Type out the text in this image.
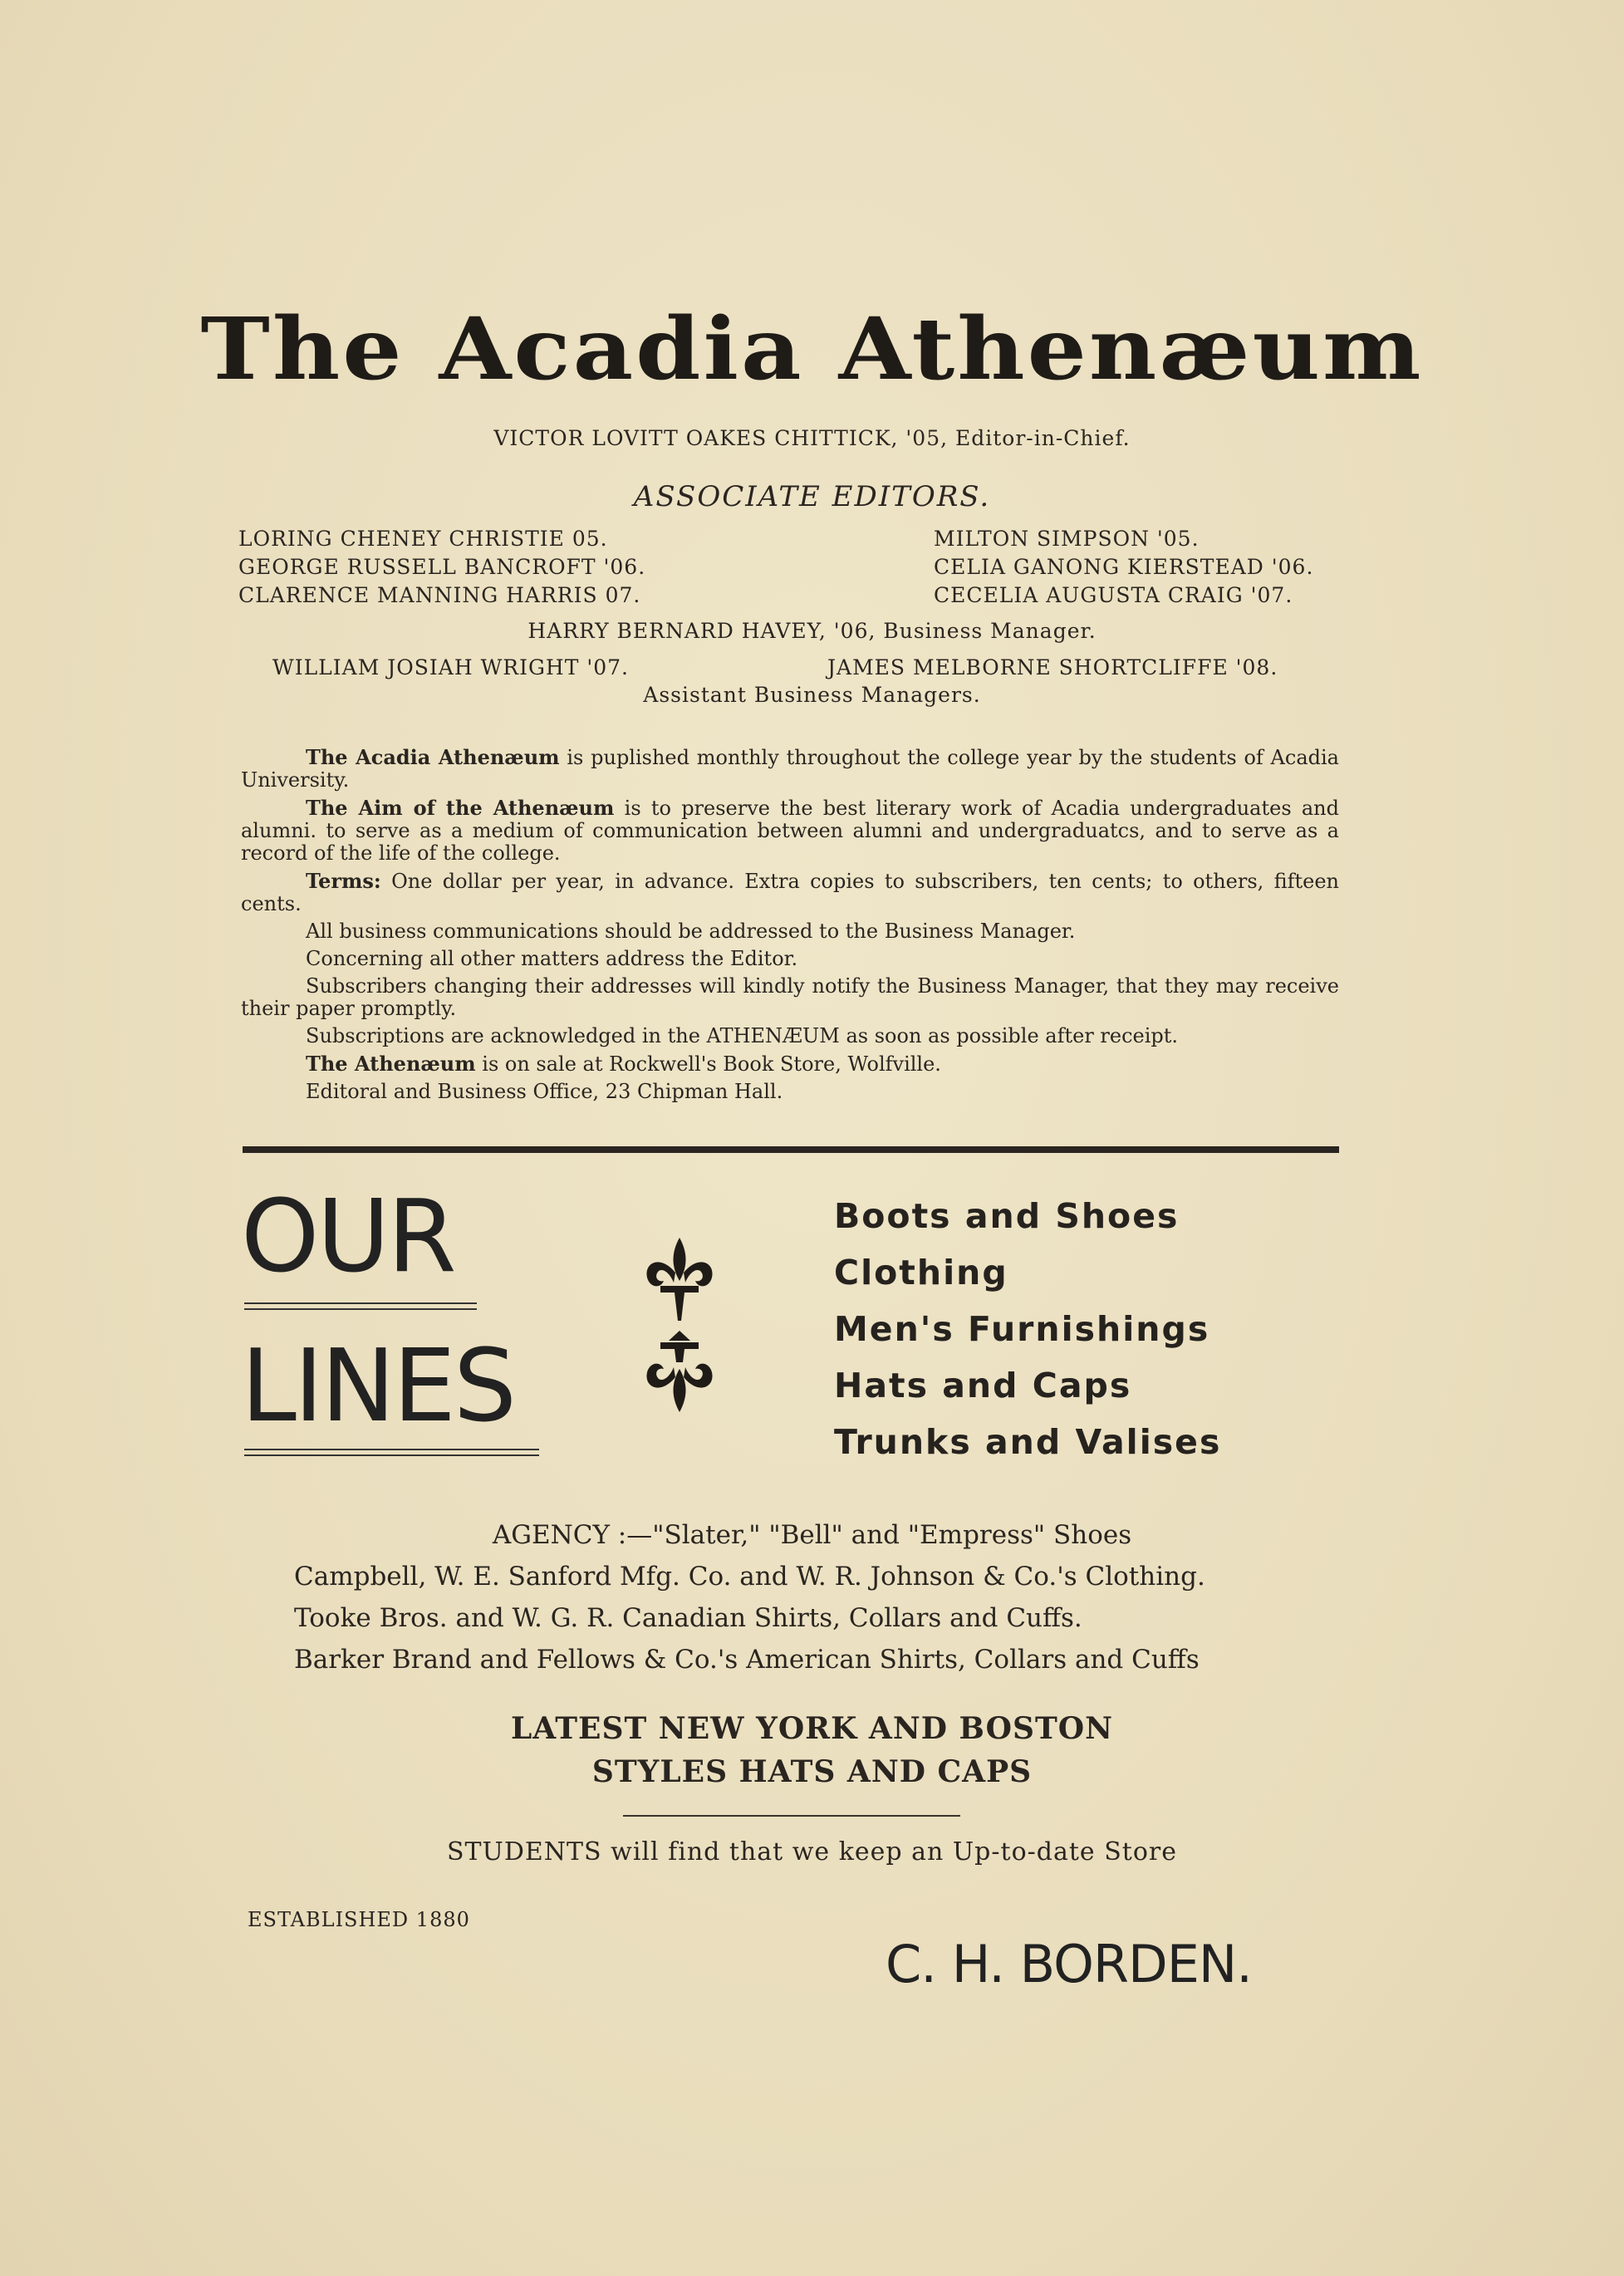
The Acadia Athenæum
VICTOR LOVITT OAKES CHITTICK, '05, Editor-in-Chief.
ASSOCIATE EDITORS.
LORING CHENEY CHRISTIE 05.
GEORGE RUSSELL BANCROFT '06.
CLARENCE MANNING HARRIS 07.
MILTON SIMPSON '05.
CELIA GANONG KIERSTEAD '06.
CECELIA AUGUSTA CRAIG '07.
HARRY BERNARD HAVEY, '06, Business Manager.
WILLIAM JOSIAH WRIGHT '07.	JAMES MELBORNE SHORTCLIFFE '08.
Assistant Business Managers.

The Acadia Athenæum is puplished monthly throughout the college year by the students of Acadia University.

The Aim of the Athenæum is to preserve the best literary work of Acadia undergraduates and alumni. to serve as a medium of communication between alumni and undergraduatcs, and to serve as a record of the life of the college.

Terms: One dollar per year, in advance. Extra copies to subscribers, ten cents; to others, fifteen cents.

All business communications should be addressed to the Business Manager.

Concerning all other matters address the Editor.

Subscribers changing their addresses will kindly notify the Business Manager, that they may receive their paper promptly.

Subscriptions are acknowledged in the ATHENÆUM as soon as possible after receipt.

The Athenæum is on sale at Rockwell's Book Store, Wolfville.

Editoral and Business Office, 23 Chipman Hall.

OUR
LINES
Boots and Shoes
Clothing
Men's Furnishings
Hats and Caps
Trunks and Valises
AGENCY :—"Slater," "Bell" and "Empress" Shoes
Campbell, W. E. Sanford Mfg. Co. and W. R. Johnson & Co.'s Clothing.
Tooke Bros. and W. G. R. Canadian Shirts, Collars and Cuffs.
Barker Brand and Fellows & Co.'s American Shirts, Collars and Cuffs
LATEST NEW YORK AND BOSTON
STYLES HATS AND CAPS
STUDENTS will find that we keep an Up-to-date Store
ESTABLISHED 1880
C. H. BORDEN.
